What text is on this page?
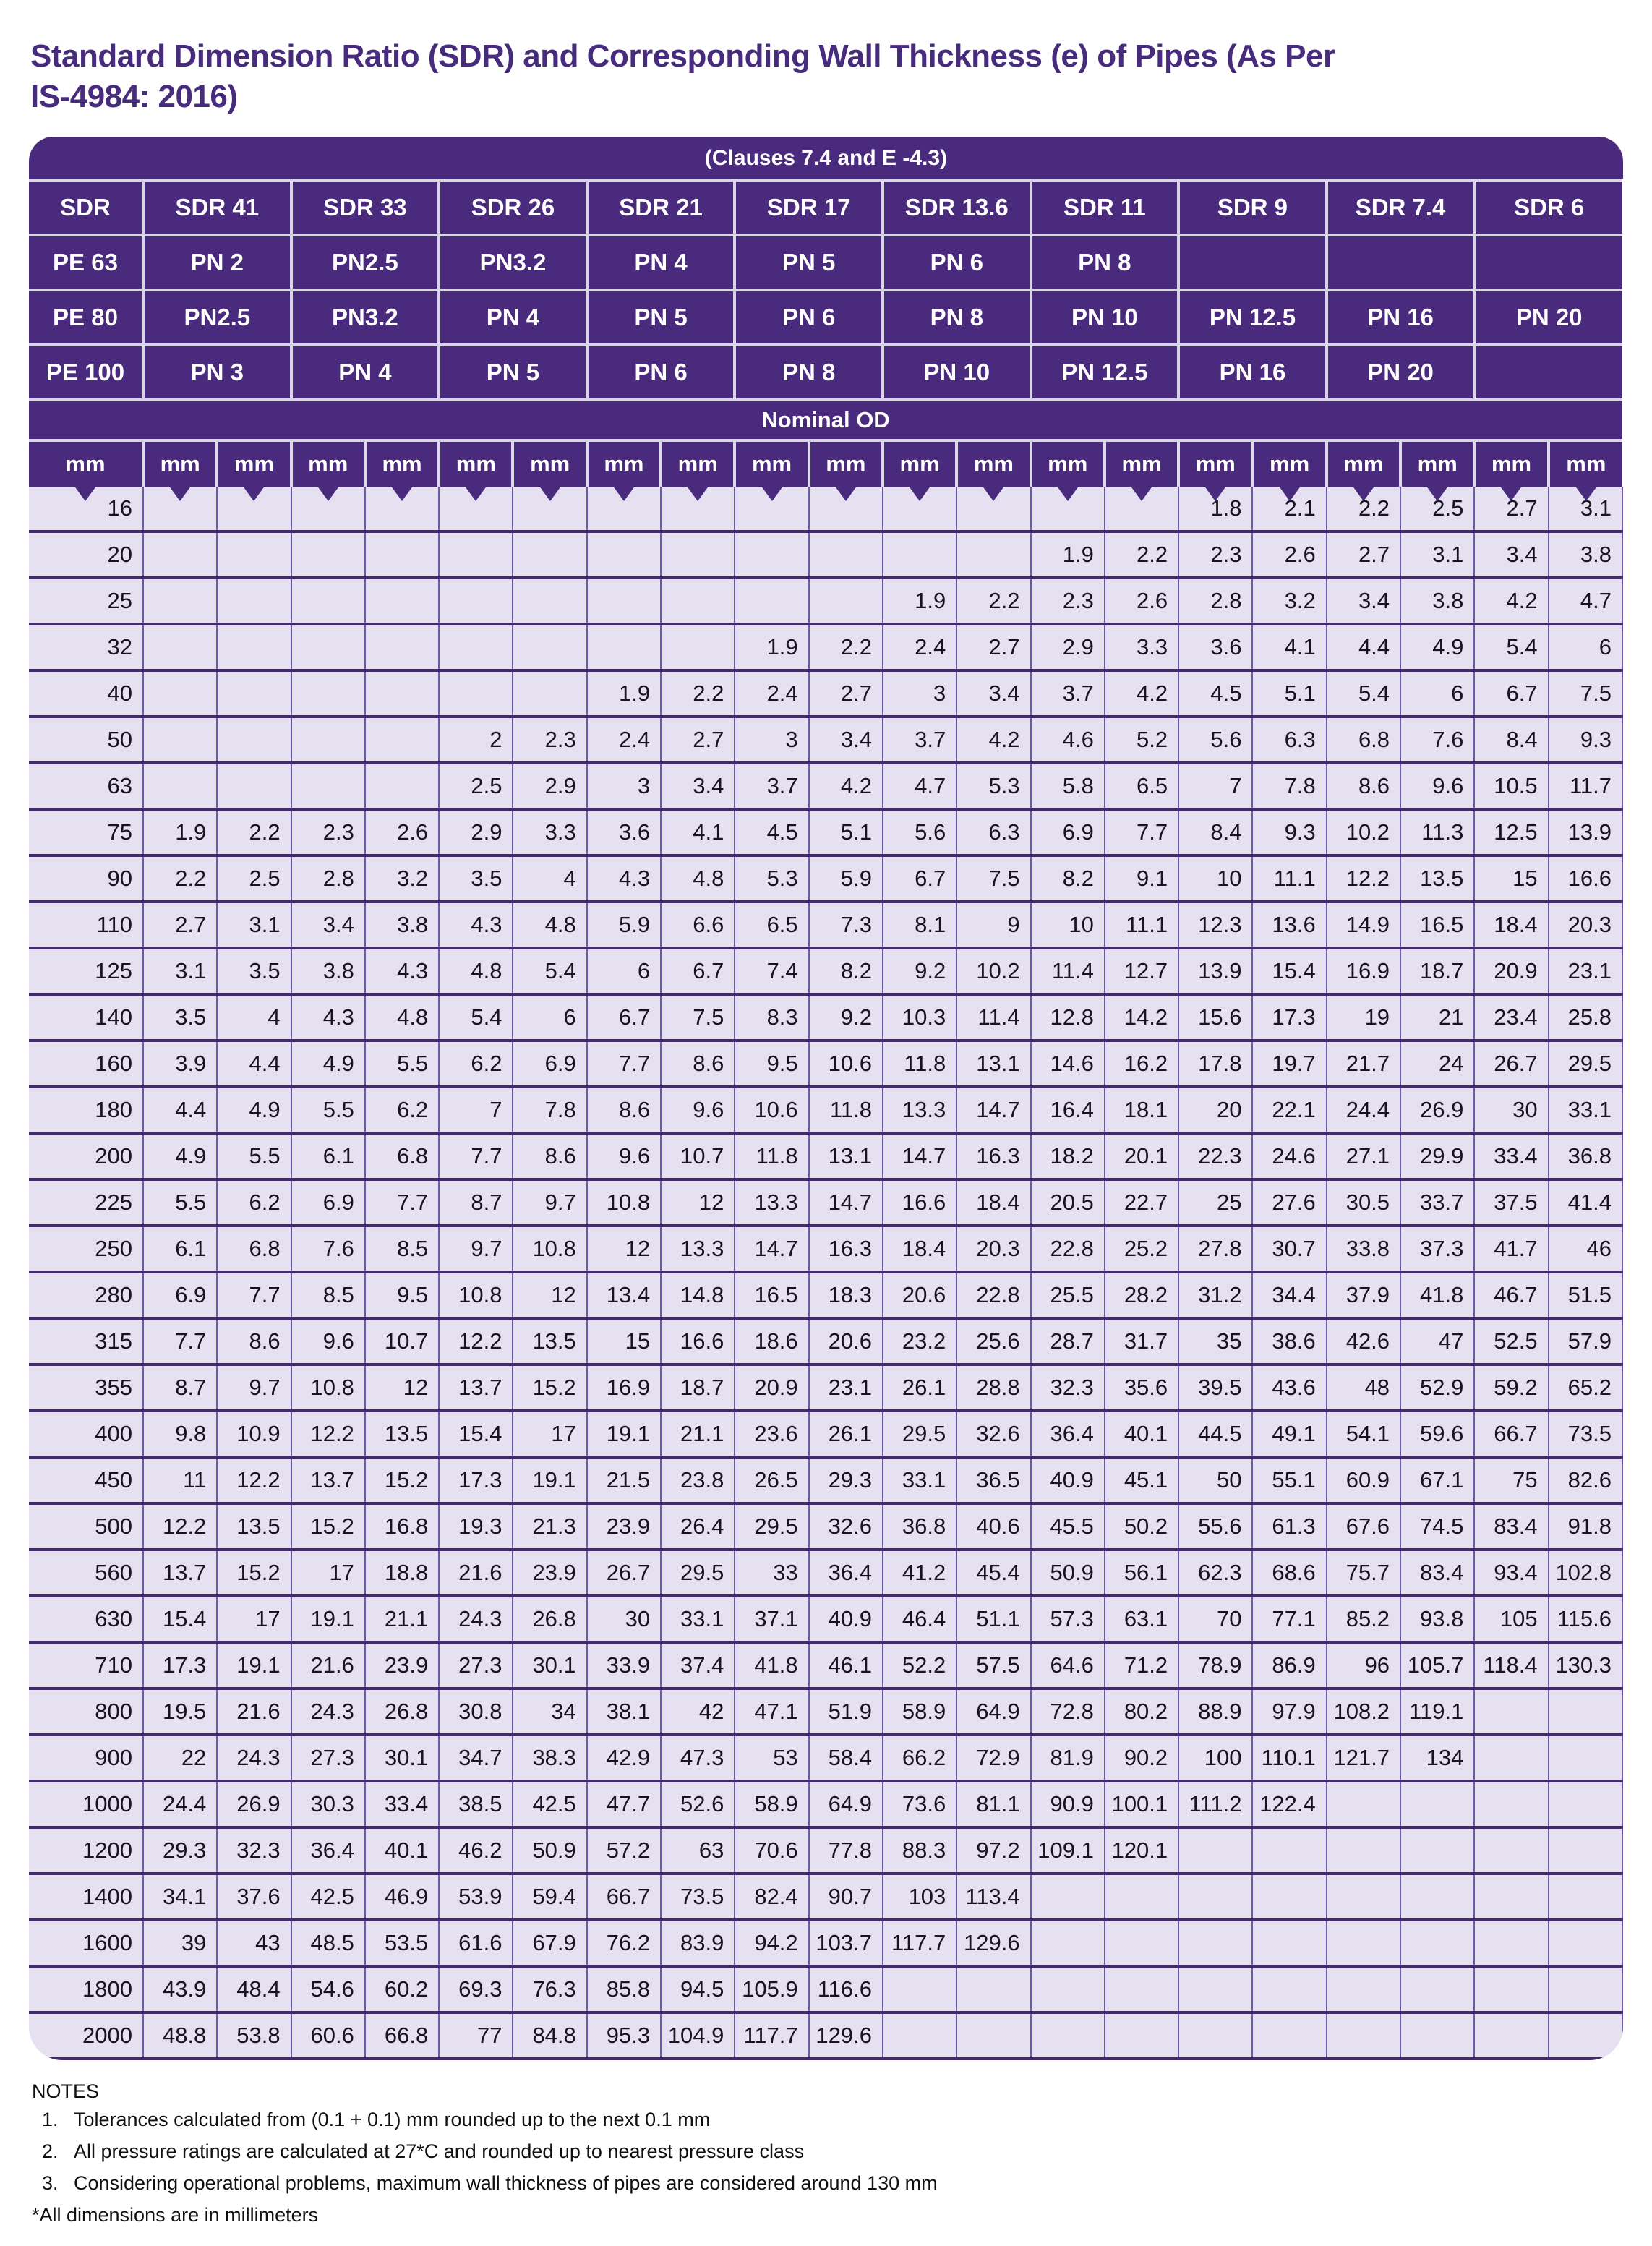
Standard Dimension Ratio (SDR) and Corresponding Wall Thickness (e) of Pipes (As Per
IS-4984: 2016)
(Clauses 7.4 and E -4.3)
SDR	SDR 41		SDR 33		SDR 26		SDR 21		SDR 17		SDR 13.6		SDR 11		SDR 9		SDR 7.4		SDR 6	
PE 63	PN 2		PN2.5		PN3.2		PN 4		PN 5		PN 6		PN 8							
PE 80	PN2.5		PN3.2		PN 4		PN 5		PN 6		PN 8		PN 10		PN 12.5		PN 16		PN 20	
PE 100	PN 3		PN 4		PN 5		PN 6		PN 8		PN 10		PN 12.5		PN 16		PN 20			
Nominal OD																				
mm	mm	mm	mm	mm	mm	mm	mm	mm	mm	mm	mm	mm	mm	mm	mm	mm	mm	mm	mm	mm

16															1.8	2.1	2.2	2.5	2.7	3.1
20													1.9	2.2	2.3	2.6	2.7	3.1	3.4	3.8
25											1.9	2.2	2.3	2.6	2.8	3.2	3.4	3.8	4.2	4.7
32									1.9	2.2	2.4	2.7	2.9	3.3	3.6	4.1	4.4	4.9	5.4	6
40							1.9	2.2	2.4	2.7	3	3.4	3.7	4.2	4.5	5.1	5.4	6	6.7	7.5
50					2	2.3	2.4	2.7	3	3.4	3.7	4.2	4.6	5.2	5.6	6.3	6.8	7.6	8.4	9.3
63					2.5	2.9	3	3.4	3.7	4.2	4.7	5.3	5.8	6.5	7	7.8	8.6	9.6	10.5	11.7
75	1.9	2.2	2.3	2.6	2.9	3.3	3.6	4.1	4.5	5.1	5.6	6.3	6.9	7.7	8.4	9.3	10.2	11.3	12.5	13.9
90	2.2	2.5	2.8	3.2	3.5	4	4.3	4.8	5.3	5.9	6.7	7.5	8.2	9.1	10	11.1	12.2	13.5	15	16.6
110	2.7	3.1	3.4	3.8	4.3	4.8	5.9	6.6	6.5	7.3	8.1	9	10	11.1	12.3	13.6	14.9	16.5	18.4	20.3
125	3.1	3.5	3.8	4.3	4.8	5.4	6	6.7	7.4	8.2	9.2	10.2	11.4	12.7	13.9	15.4	16.9	18.7	20.9	23.1
140	3.5	4	4.3	4.8	5.4	6	6.7	7.5	8.3	9.2	10.3	11.4	12.8	14.2	15.6	17.3	19	21	23.4	25.8
160	3.9	4.4	4.9	5.5	6.2	6.9	7.7	8.6	9.5	10.6	11.8	13.1	14.6	16.2	17.8	19.7	21.7	24	26.7	29.5
180	4.4	4.9	5.5	6.2	7	7.8	8.6	9.6	10.6	11.8	13.3	14.7	16.4	18.1	20	22.1	24.4	26.9	30	33.1
200	4.9	5.5	6.1	6.8	7.7	8.6	9.6	10.7	11.8	13.1	14.7	16.3	18.2	20.1	22.3	24.6	27.1	29.9	33.4	36.8
225	5.5	6.2	6.9	7.7	8.7	9.7	10.8	12	13.3	14.7	16.6	18.4	20.5	22.7	25	27.6	30.5	33.7	37.5	41.4
250	6.1	6.8	7.6	8.5	9.7	10.8	12	13.3	14.7	16.3	18.4	20.3	22.8	25.2	27.8	30.7	33.8	37.3	41.7	46
280	6.9	7.7	8.5	9.5	10.8	12	13.4	14.8	16.5	18.3	20.6	22.8	25.5	28.2	31.2	34.4	37.9	41.8	46.7	51.5
315	7.7	8.6	9.6	10.7	12.2	13.5	15	16.6	18.6	20.6	23.2	25.6	28.7	31.7	35	38.6	42.6	47	52.5	57.9
355	8.7	9.7	10.8	12	13.7	15.2	16.9	18.7	20.9	23.1	26.1	28.8	32.3	35.6	39.5	43.6	48	52.9	59.2	65.2
400	9.8	10.9	12.2	13.5	15.4	17	19.1	21.1	23.6	26.1	29.5	32.6	36.4	40.1	44.5	49.1	54.1	59.6	66.7	73.5
450	11	12.2	13.7	15.2	17.3	19.1	21.5	23.8	26.5	29.3	33.1	36.5	40.9	45.1	50	55.1	60.9	67.1	75	82.6
500	12.2	13.5	15.2	16.8	19.3	21.3	23.9	26.4	29.5	32.6	36.8	40.6	45.5	50.2	55.6	61.3	67.6	74.5	83.4	91.8
560	13.7	15.2	17	18.8	21.6	23.9	26.7	29.5	33	36.4	41.2	45.4	50.9	56.1	62.3	68.6	75.7	83.4	93.4	102.8
630	15.4	17	19.1	21.1	24.3	26.8	30	33.1	37.1	40.9	46.4	51.1	57.3	63.1	70	77.1	85.2	93.8	105	115.6
710	17.3	19.1	21.6	23.9	27.3	30.1	33.9	37.4	41.8	46.1	52.2	57.5	64.6	71.2	78.9	86.9	96	105.7	118.4	130.3
800	19.5	21.6	24.3	26.8	30.8	34	38.1	42	47.1	51.9	58.9	64.9	72.8	80.2	88.9	97.9	108.2	119.1		
900	22	24.3	27.3	30.1	34.7	38.3	42.9	47.3	53	58.4	66.2	72.9	81.9	90.2	100	110.1	121.7	134		
1000	24.4	26.9	30.3	33.4	38.5	42.5	47.7	52.6	58.9	64.9	73.6	81.1	90.9	100.1	111.2	122.4				
1200	29.3	32.3	36.4	40.1	46.2	50.9	57.2	63	70.6	77.8	88.3	97.2	109.1	120.1						
1400	34.1	37.6	42.5	46.9	53.9	59.4	66.7	73.5	82.4	90.7	103	113.4								
1600	39	43	48.5	53.5	61.6	67.9	76.2	83.9	94.2	103.7	117.7	129.6								
1800	43.9	48.4	54.6	60.2	69.3	76.3	85.8	94.5	105.9	116.6										
2000	48.8	53.8	60.6	66.8	77	84.8	95.3	104.9	117.7	129.6										
NOTES
1. Tolerances calculated from (0.1 + 0.1) mm rounded up to the next 0.1 mm
2. All pressure ratings are calculated at 27*C and rounded up to nearest pressure class
3. Considering operational problems, maximum wall thickness of pipes are considered around 130 mm
*All dimensions are in millimeters
